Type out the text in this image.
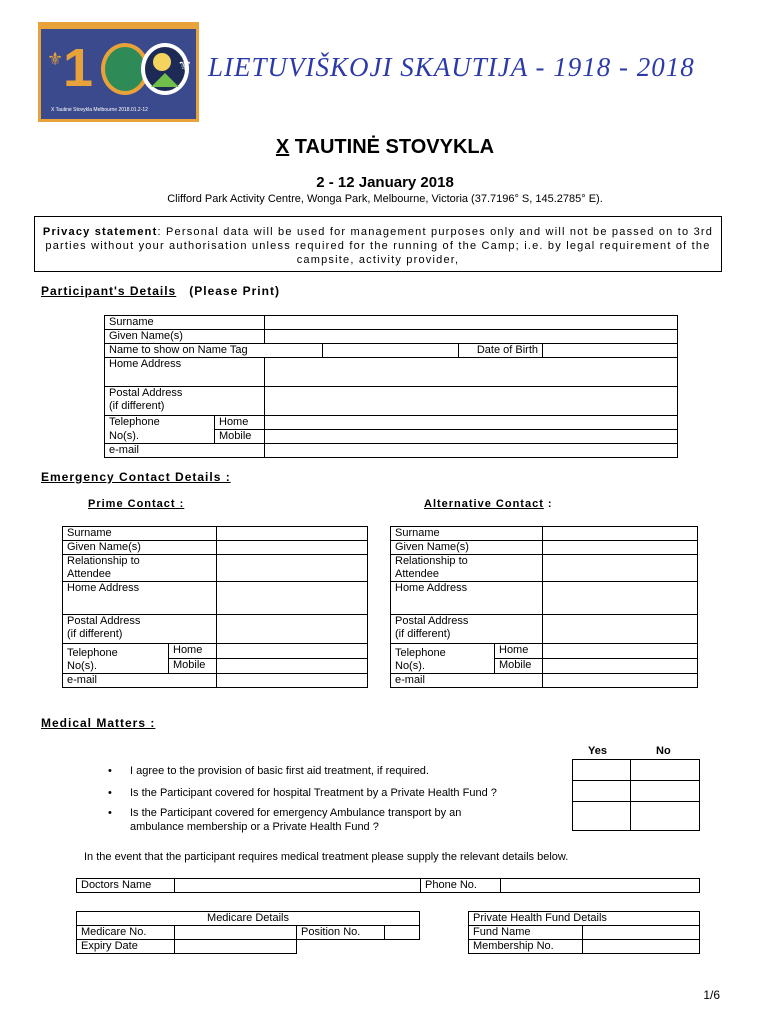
⚜ 1	⚜
X Tautinė Stovykla Melbourne 2018.01.2-12
LIETUVIŠKOJI SKAUTIJA - 1918 - 2018
X TAUTINĖ STOVYKLA
2 - 12 January 2018
Clifford Park Activity Centre, Wonga Park, Melbourne, Victoria (37.7196° S, 145.2785° E).
Privacy statement: Personal data will be used for management purposes only and will not be passed on to 3rd parties without your authorisation unless required for the running of the Camp; i.e. by legal requirement of the campsite, activity provider,
Participant's Details (Please Print)
Surname					
Given Name(s)					
Name to show on Name Tag				Date of Birth	
Home Address					
Postal Address
(if different)					
Telephone	Home				
No(s).	Mobile				
e-mail					
Emergency Contact Details :
Prime Contact :	Alternative Contact :
Surname		
Given Name(s)		
Relationship to
Attendee		
Home Address		
Postal Address
(if different)		
Telephone
No(s).	Home	
	Mobile	
e-mail		
Surname		
Given Name(s)		
Relationship to
Attendee		
Home Address		
Postal Address
(if different)		
Telephone
No(s).	Home	
	Mobile	
e-mail		
Medical Matters :
Yes	No
• I agree to the provision of basic first aid treatment, if required.
• Is the Participant covered for hospital Treatment by a Private Health Fund ?
• Is the Participant covered for emergency Ambulance transport by an
ambulance membership or a Private Health Fund ?

In the event that the participant requires medical treatment please supply the relevant details below.
Doctors Name		Phone No.	
Medicare Details			
Medicare No.		Position No.	
Expiry Date			
Private Health Fund Details	
Fund Name	
Membership No.	
1/6
